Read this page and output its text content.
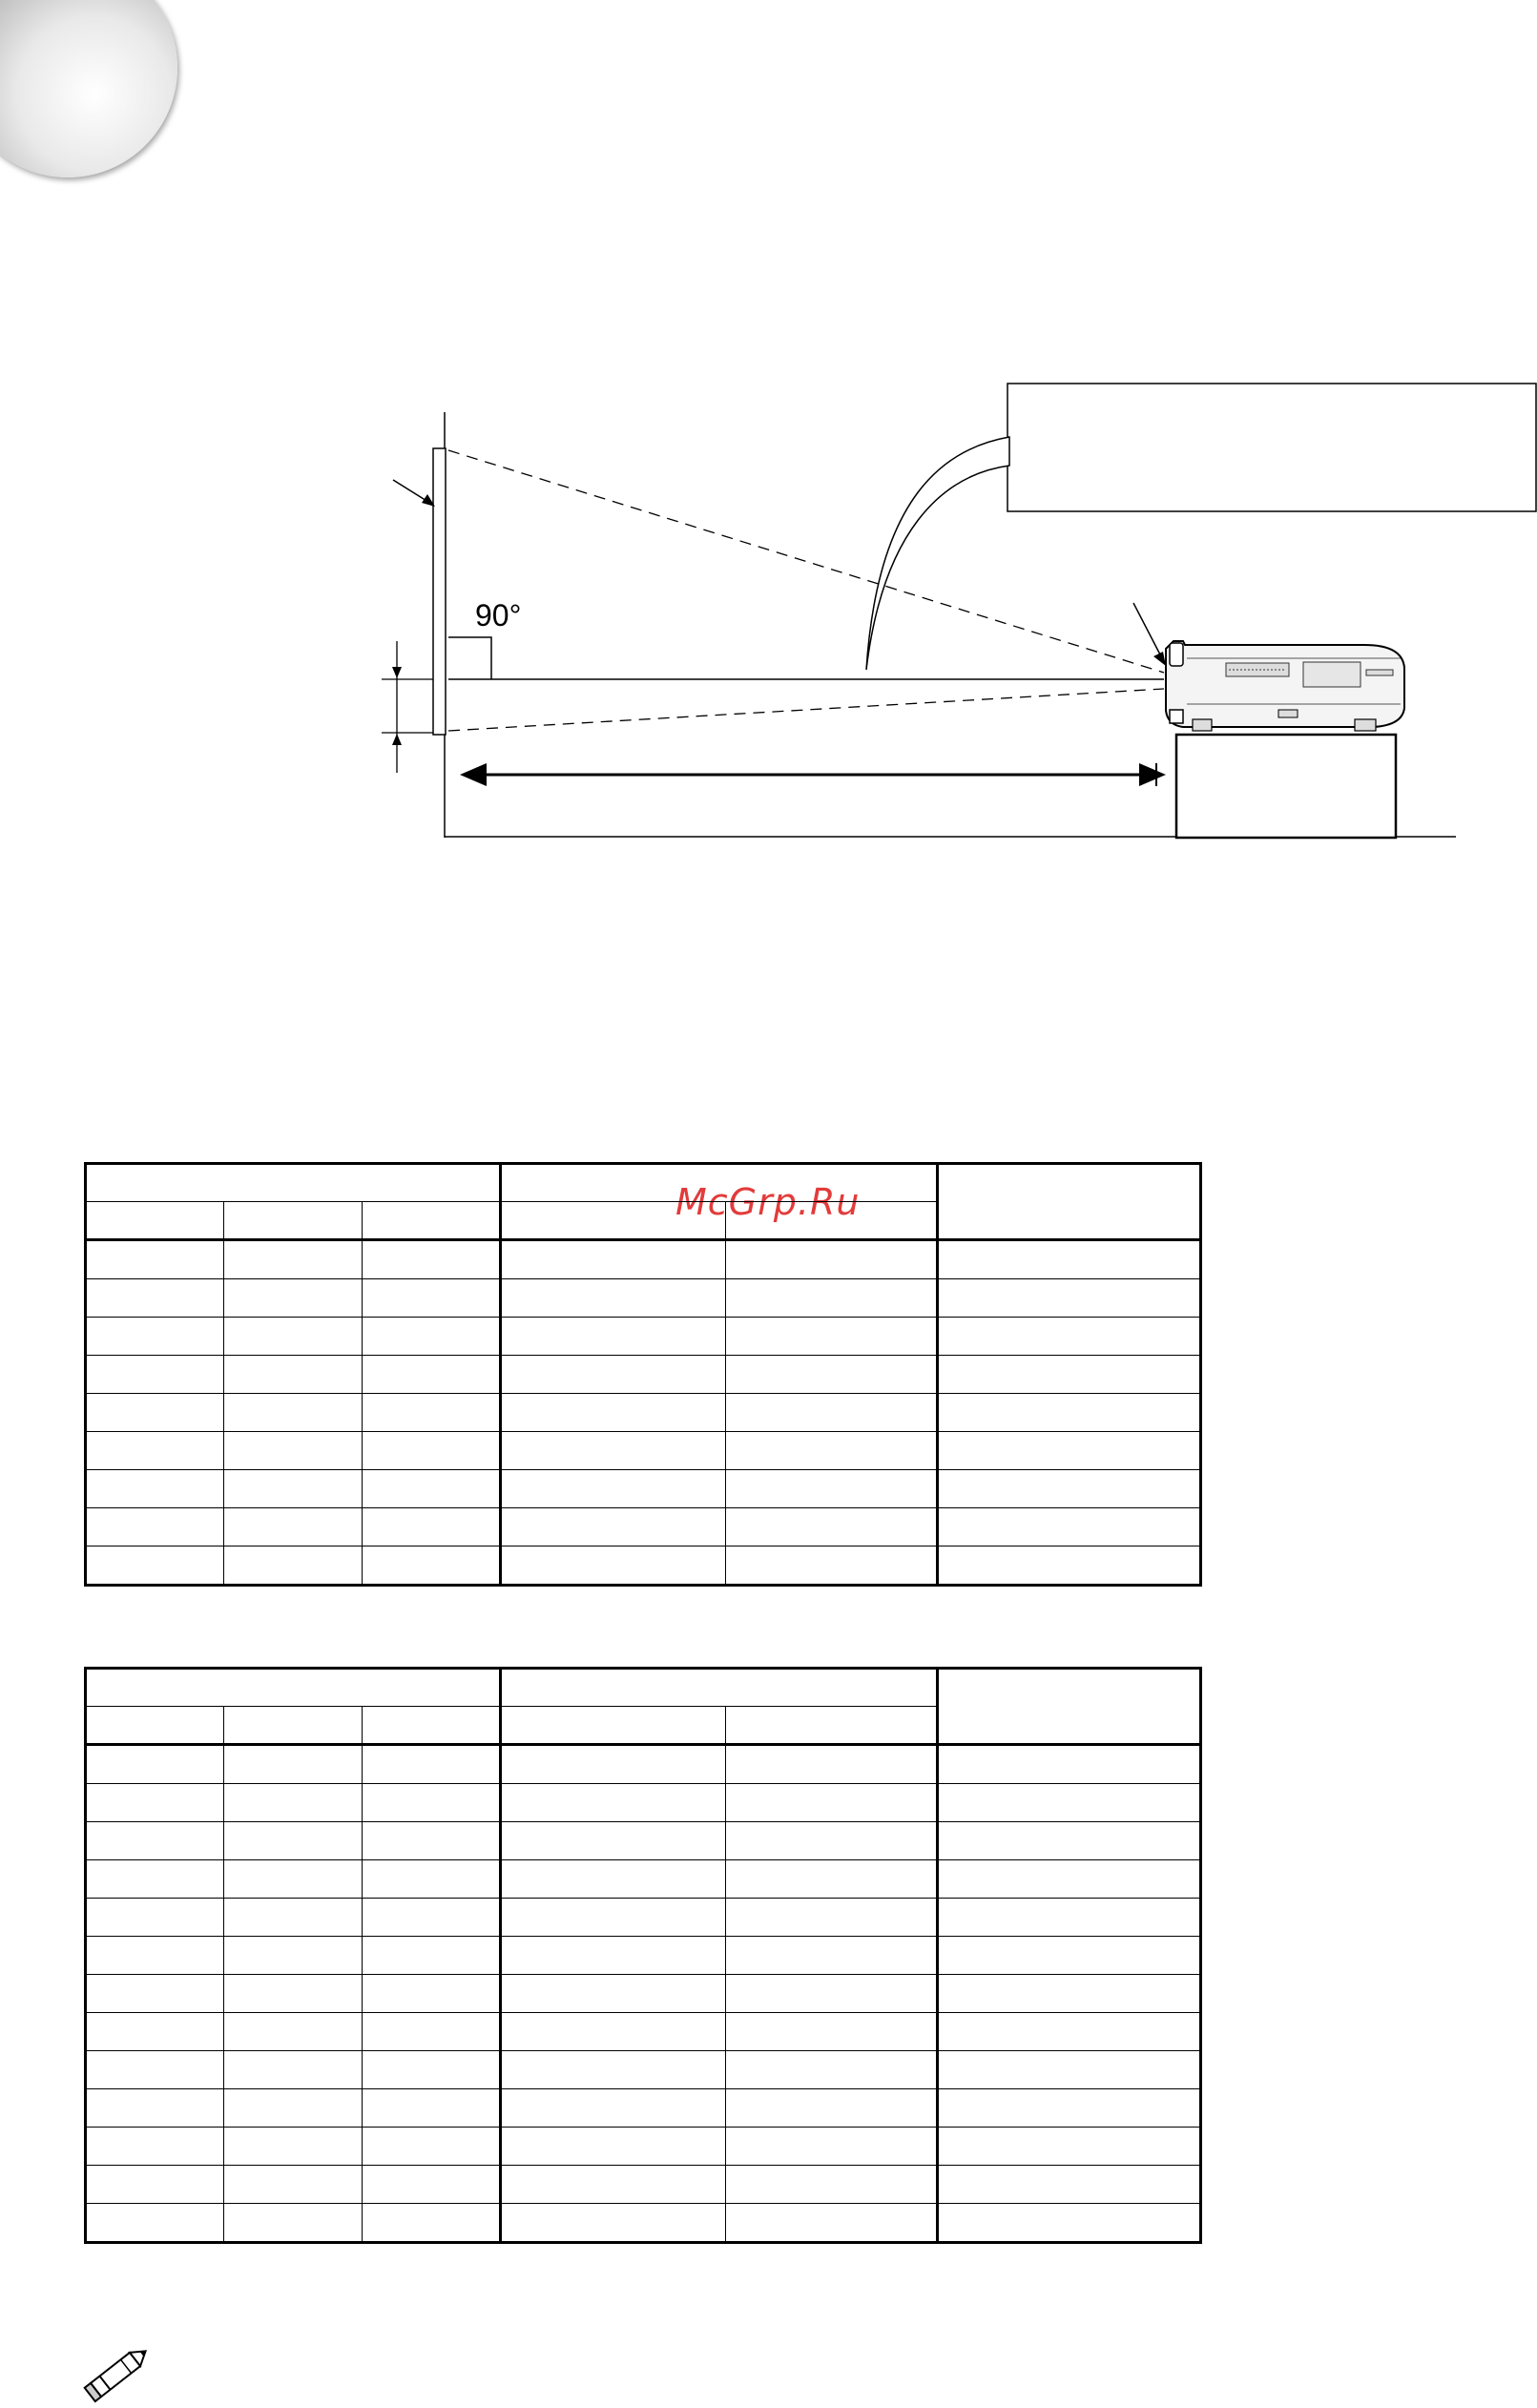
90°
McGrp.Ru
